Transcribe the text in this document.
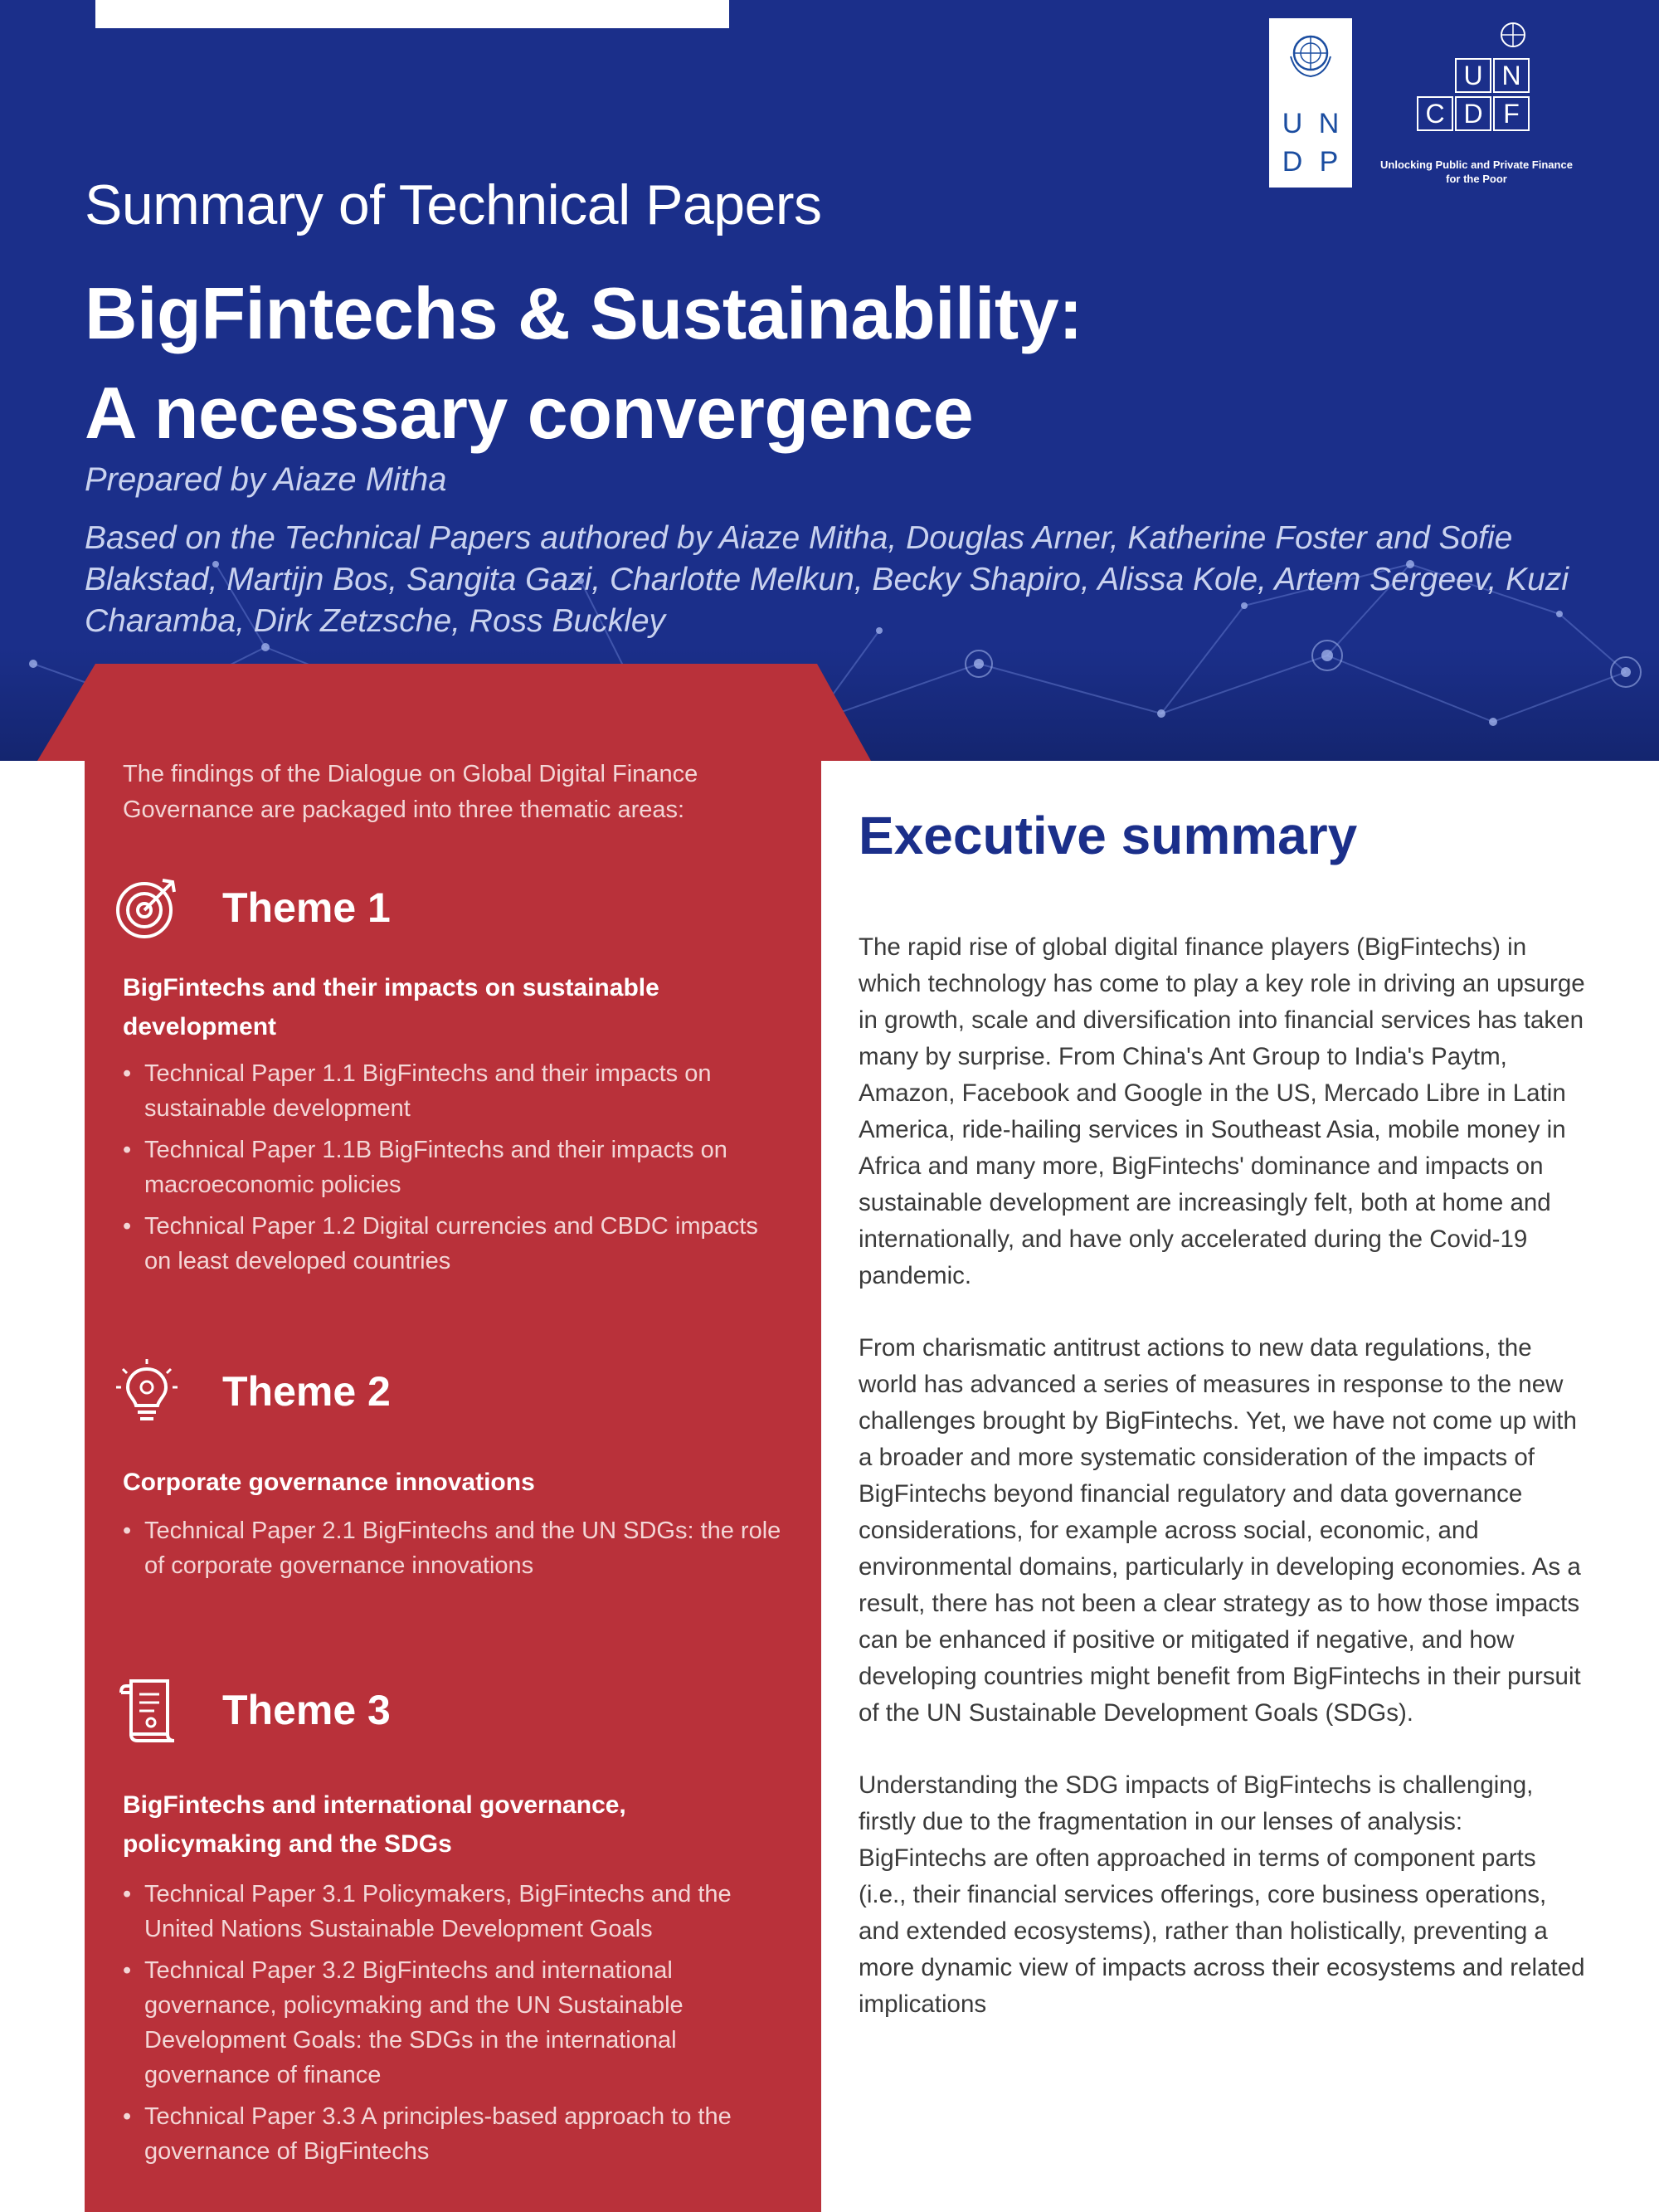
U N
D P
U N
C D F
Unlocking Public and Private Finance for the Poor
Summary of Technical Papers
BigFintechs & Sustainability:
A necessary convergence

Prepared by Aiaze Mitha

Based on the Technical Papers authored by Aiaze Mitha, Douglas Arner, Katherine Foster and Sofie Blakstad, Martijn Bos, Sangita Gazi, Charlotte Melkun, Becky Shapiro, Alissa Kole, Artem Sergeev, Kuzi Charamba, Dirk Zetzsche, Ross Buckley

The findings of the Dialogue on Global Digital Finance Governance are packaged into three thematic areas:

Theme 1

BigFintechs and their impacts on sustainable development

• Technical Paper 1.1 BigFintechs and their impacts on sustainable development
• Technical Paper 1.1B BigFintechs and their impacts on macroeconomic policies
• Technical Paper 1.2 Digital currencies and CBDC impacts on least developed countries
Theme 2

Corporate governance innovations

• Technical Paper 2.1 BigFintechs and the UN SDGs: the role of corporate governance innovations
Theme 3

BigFintechs and international governance, policymaking and the SDGs

• Technical Paper 3.1 Policymakers, BigFintechs and the United Nations Sustainable Development Goals
• Technical Paper 3.2 BigFintechs and international governance, policymaking and the UN Sustainable Development Goals: the SDGs in the international governance of finance
• Technical Paper 3.3 A principles-based approach to the governance of BigFintechs
Executive summary

The rapid rise of global digital finance players (BigFintechs) in which technology has come to play a key role in driving an upsurge in growth, scale and diversification into financial services has taken many by surprise. From China's Ant Group to India's Paytm, Amazon, Facebook and Google in the US, Mercado Libre in Latin America, ride-hailing services in Southeast Asia, mobile money in Africa and many more, BigFintechs' dominance and impacts on sustainable development are increasingly felt, both at home and internationally, and have only accelerated during the Covid-19 pandemic.

From charismatic antitrust actions to new data regulations, the world has advanced a series of measures in response to the new challenges brought by BigFintechs. Yet, we have not come up with a broader and more systematic consideration of the impacts of BigFintechs beyond financial regulatory and data governance considerations, for example across social, economic, and environmental domains, particularly in developing economies. As a result, there has not been a clear strategy as to how those impacts can be enhanced if positive or mitigated if negative, and how developing countries might benefit from BigFintechs in their pursuit of the UN Sustainable Development Goals (SDGs).

Understanding the SDG impacts of BigFintechs is challenging, firstly due to the fragmentation in our lenses of analysis: BigFintechs are often approached in terms of component parts (i.e., their financial services offerings, core business operations, and extended ecosystems), rather than holistically, preventing a more dynamic view of impacts across their ecosystems and related implications
